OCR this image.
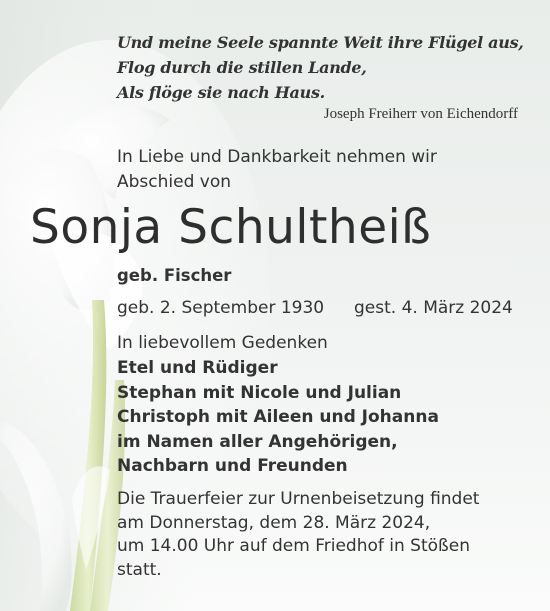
Und meine Seele spannte Weit ihre Flügel aus,
Flog durch die stillen Lande,
Als flöge sie nach Haus.
Joseph Freiherr von Eichendorff
In Liebe und Dankbarkeit nehmen wir
Abschied von
Sonja Schultheiß
geb. Fischer
geb. 2. September 1930 gest. 4. März 2024
In liebevollem Gedenken
Etel und Rüdiger
Stephan mit Nicole und Julian
Christoph mit Aileen und Johanna
im Namen aller Angehörigen,
Nachbarn und Freunden
Die Trauerfeier zur Urnenbeisetzung findet
am Donnerstag, dem 28. März 2024,
um 14.00 Uhr auf dem Friedhof in Stößen
statt.
